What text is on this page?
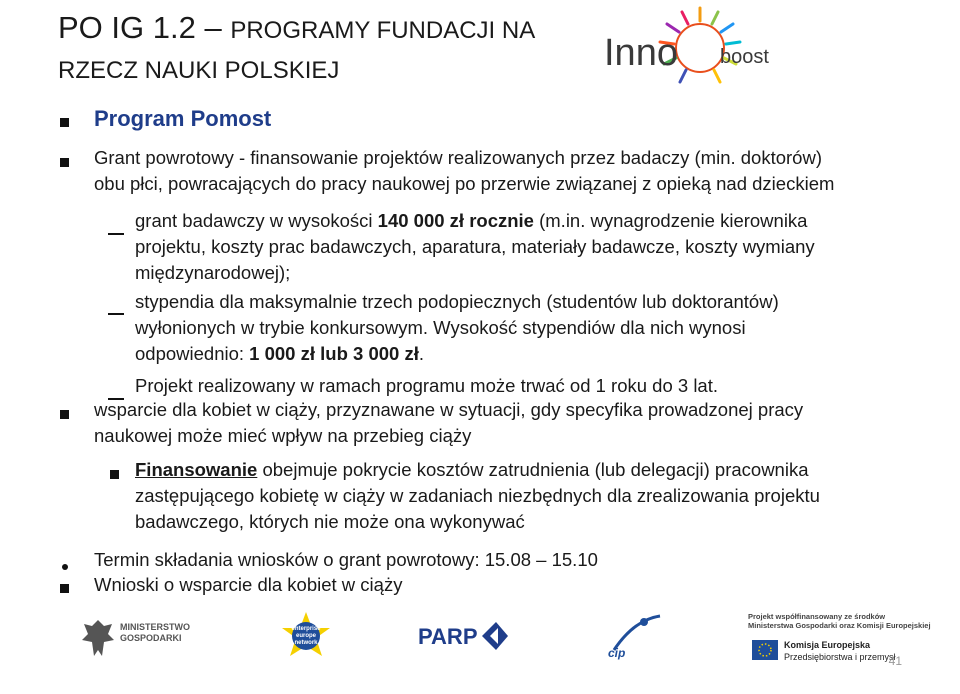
PO IG 1.2 – PROGRAMY FUNDACJI NA
RZECZ NAUKI POLSKIEJ	Inno boost
Program Pomost
Grant powrotowy - finansowanie projektów realizowanych przez badaczy (min. doktorów)
obu płci, powracających do pracy naukowej po przerwie związanej z opieką nad dzieckiem
grant badawczy w wysokości 140 000 zł rocznie (m.in. wynagrodzenie kierownika
projektu, koszty prac badawczych, aparatura, materiały badawcze, koszty wymiany
międzynarodowej);
stypendia dla maksymalnie trzech podopiecznych (studentów lub doktorantów)
wyłonionych w trybie konkursowym. Wysokość stypendiów dla nich wynosi
odpowiednio: 1 000 zł lub 3 000 zł.
Projekt realizowany w ramach programu może trwać od 1 roku do 3 lat.
wsparcie dla kobiet w ciąży, przyznawane w sytuacji, gdy specyfika prowadzonej pracy
naukowej może mieć wpływ na przebieg ciąży
Finansowanie obejmuje pokrycie kosztów zatrudnienia (lub delegacji) pracownika
zastępującego kobietę w ciąży w zadaniach niezbędnych dla zrealizowania projektu
badawczego, których nie może ona wykonywać
Termin składania wniosków o grant powrotowy: 15.08 – 15.10
Wnioski o wsparcie dla kobiet w ciąży
MINISTERSTWO
GOSPODARKI
enterprise europe network	PARP
cip
Projekt współfinansowany ze środków
Ministerstwa Gospodarki oraz Komisji Europejskiej
Komisja Europejska
Przedsiębiorstwa i przemysł
41
